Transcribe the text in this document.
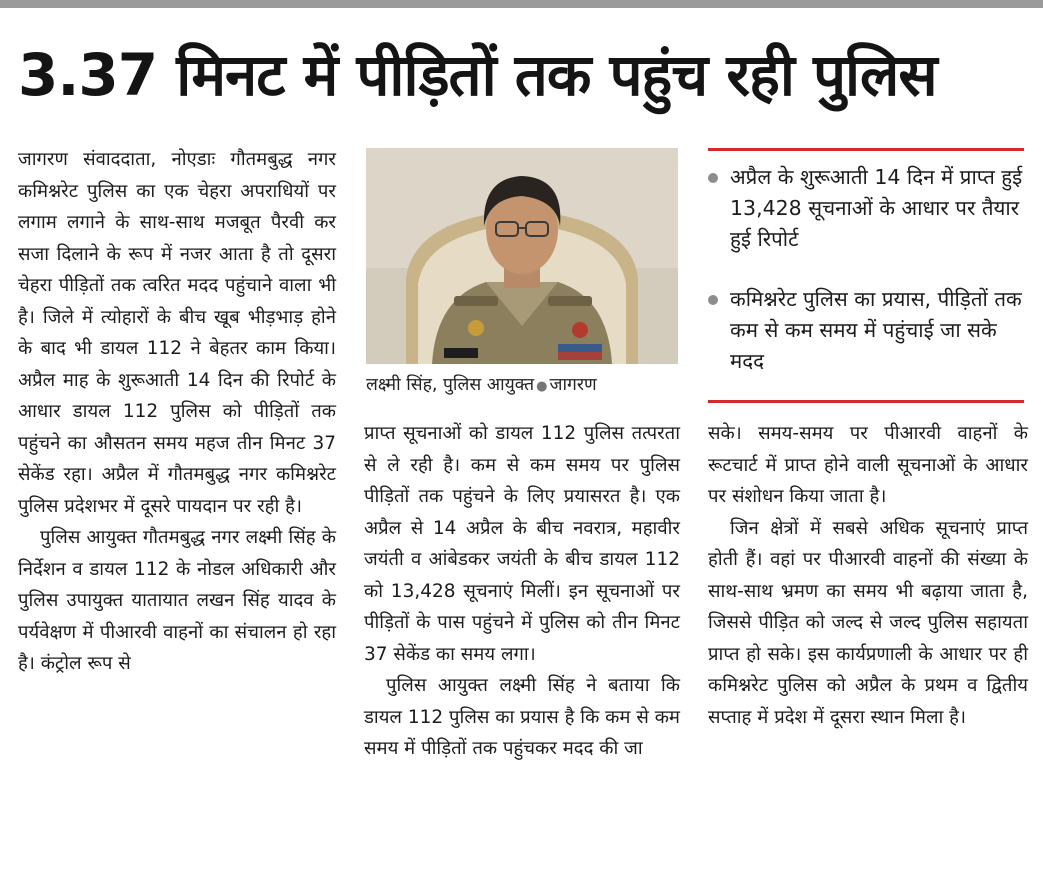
3.37 मिनट में पीड़ितों तक पहुंच रही पुलिस

जागरण संवाददाता, नोएडाः गौतमबुद्ध नगर कमिश्नरेट पुलिस का एक चेहरा अपराधियों पर लगाम लगाने के साथ-साथ मजबूत पैरवी कर सजा दिलाने के रूप में नजर आता है तो दूसरा चेहरा पीड़ितों तक त्वरित मदद पहुंचाने वाला भी है। जिले में त्योहारों के बीच खूब भीड़भाड़ होने के बाद भी डायल 112 ने बेहतर काम किया। अप्रैल माह के शुरूआती 14 दिन की रिपोर्ट के आधार डायल 112 पुलिस को पीड़ितों तक पहुंचने का औसतन समय महज तीन मिनट 37 सेकेंड रहा। अप्रैल में गौतमबुद्ध नगर कमिश्नरेट पुलिस प्रदेशभर में दूसरे पायदान पर रही है।

पुलिस आयुक्त गौतमबुद्ध नगर लक्ष्मी सिंह के निर्देशन व डायल 112 के नोडल अधिकारी और पुलिस उपायुक्त यातायात लखन सिंह यादव के पर्यवेक्षण में पीआरवी वाहनों का संचालन हो रहा है। कंट्रोल रूप से

लक्ष्मी सिंह, पुलिस आयुक्त ● जागरण
अप्रैल के शुरूआती 14 दिन में प्राप्त हुई 13,428 सूचनाओं के आधार पर तैयार हुई रिपोर्ट
कमिश्नरेट पुलिस का प्रयास, पीड़ितों तक कम से कम समय में पहुंचाई जा सके मदद

प्राप्त सूचनाओं को डायल 112 पुलिस तत्परता से ले रही है। कम से कम समय पर पुलिस पीड़ितों तक पहुंचने के लिए प्रयासरत है। एक अप्रैल से 14 अप्रैल के बीच नवरात्र, महावीर जयंती व आंबेडकर जयंती के बीच डायल 112 को 13,428 सूचनाएं मिलीं। इन सूचनाओं पर पीड़ितों के पास पहुंचने में पुलिस को तीन मिनट 37 सेकेंड का समय लगा।

पुलिस आयुक्त लक्ष्मी सिंह ने बताया कि डायल 112 पुलिस का प्रयास है कि कम से कम समय में पीड़ितों तक पहुंचकर मदद की जा

सके। समय-समय पर पीआरवी वाहनों के रूटचार्ट में प्राप्त होने वाली सूचनाओं के आधार पर संशोधन किया जाता है।

जिन क्षेत्रों में सबसे अधिक सूचनाएं प्राप्त होती हैं। वहां पर पीआरवी वाहनों की संख्या के साथ-साथ भ्रमण का समय भी बढ़ाया जाता है, जिससे पीड़ित को जल्द से जल्द पुलिस सहायता प्राप्त हो सके। इस कार्यप्रणाली के आधार पर ही कमिश्नरेट पुलिस को अप्रैल के प्रथम व द्वितीय सप्ताह में प्रदेश में दूसरा स्थान मिला है।
